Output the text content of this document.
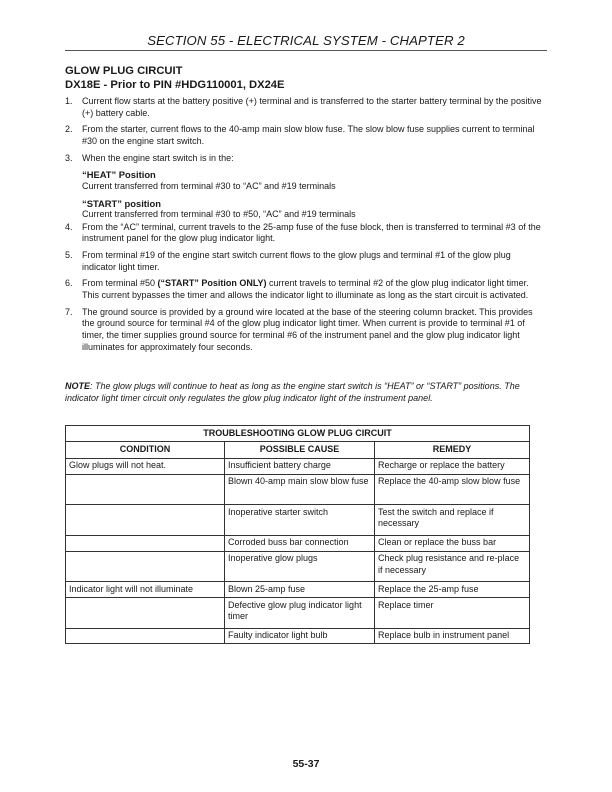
SECTION 55 - ELECTRICAL SYSTEM - CHAPTER 2
GLOW PLUG CIRCUIT
DX18E - Prior to PIN #HDG110001, DX24E
1. Current flow starts at the battery positive (+) terminal and is transferred to the starter battery terminal by the positive (+) battery cable.
2. From the starter, current flows to the 40-amp main slow blow fuse. The slow blow fuse supplies current to terminal #30 on the engine start switch.
3. When the engine start switch is in the:
“HEAT” Position
Current transferred from terminal #30 to “AC” and #19 terminals
“START” position
Current transferred from terminal #30 to #50, “AC” and #19 terminals
4. From the “AC” terminal, current travels to the 25-amp fuse of the fuse block, then is transferred to terminal #3 of the instrument panel for the glow plug indicator light.
5. From terminal #19 of the engine start switch current flows to the glow plugs and terminal #1 of the glow plug indicator light timer.
6. From terminal #50 (“START” Position ONLY) current travels to terminal #2 of the glow plug indicator light timer. This current bypasses the timer and allows the indicator light to illuminate as long as the start circuit is activated.
7. The ground source is provided by a ground wire located at the base of the steering column bracket. This provides the ground source for terminal #4 of the glow plug indicator light timer. When current is provide to terminal #1 of timer, the timer supplies ground source for terminal #6 of the instrument panel and the glow plug indicator light illuminates for approximately four seconds.
NOTE: The glow plugs will continue to heat as long as the engine start switch is “HEAT” or “START” positions. The indicator light timer circuit only regulates the glow plug indicator light of the instrument panel.
TROUBLESHOOTING GLOW PLUG CIRCUIT		
CONDITION	POSSIBLE CAUSE	REMEDY
Glow plugs will not heat.	Insufficient battery charge	Recharge or replace the battery
	Blown 40-amp main slow blow fuse	Replace the 40-amp slow blow fuse
	Inoperative starter switch	Test the switch and replace if necessary
	Corroded buss bar connection	Clean or replace the buss bar
	Inoperative glow plugs	Check plug resistance and re-place if necessary
Indicator light will not illuminate	Blown 25-amp fuse	Replace the 25-amp fuse
	Defective glow plug indicator light timer	Replace timer
	Faulty indicator light bulb	Replace bulb in instrument panel
55-37
